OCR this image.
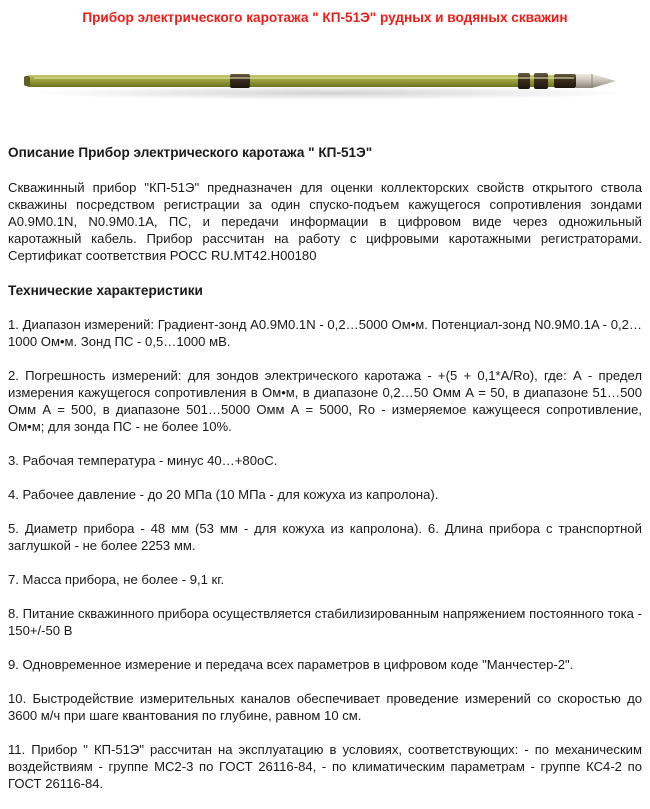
Прибор электрического каротажа " КП-51Э" рудных и водяных скважин
Описание Прибор электрического каротажа " КП-51Э"

Скважинный прибор "КП-51Э" предназначен для оценки коллекторских свойств открытого ствола скважины посредством регистрации за один спуско-подъем кажущегося сопротивления зондами А0.9М0.1N, N0.9M0.1A, ПС, и передачи информации в цифровом виде через одножильный каротажный кабель. Прибор рассчитан на работу с цифровыми каротажными регистраторами. Сертификат соответствия РОСС RU.МТ42.Н00180

Технические характеристики

1. Диапазон измерений: Градиент-зонд А0.9М0.1N - 0,2…5000 Ом•м. Потенциал-зонд N0.9M0.1A - 0,2…1000 Ом•м. Зонд ПС - 0,5…1000 мВ.

2. Погрешность измерений: для зондов электрического каротажа - +(5 + 0,1*A/Ro), где: А - предел измерения кажущегося сопротивления в Ом•м, в диапазоне 0,2…50 Омм А = 50, в диапазоне 51…500 Омм А = 500, в диапазоне 501…5000 Омм А = 5000, Ro - измеряемое кажущееся сопротивление, Ом•м; для зонда ПС - не более 10%.

3. Рабочая температура - минус 40…+80оС.

4. Рабочее давление - до 20 МПа (10 МПа - для кожуха из капролона).

5. Диаметр прибора - 48 мм (53 мм - для кожуха из капролона). 6. Длина прибора с транспортной заглушкой - не более 2253 мм.

7. Масса прибора, не более - 9,1 кг.

8. Питание скважинного прибора осуществляется стабилизированным напряжением постоянного тока - 150+/-50 В

9. Одновременное измерение и передача всех параметров в цифровом коде "Манчестер-2".

10. Быстродействие измерительных каналов обеспечивает проведение измерений со скоростью до 3600 м/ч при шаге квантования по глубине, равном 10 см.

11. Прибор " КП-51Э" рассчитан на эксплуатацию в условиях, соответствующих: - по механическим воздействиям - группе МС2-3 по ГОСТ 26116-84, - по климатическим параметрам - группе КС4-2 по ГОСТ 26116-84.
